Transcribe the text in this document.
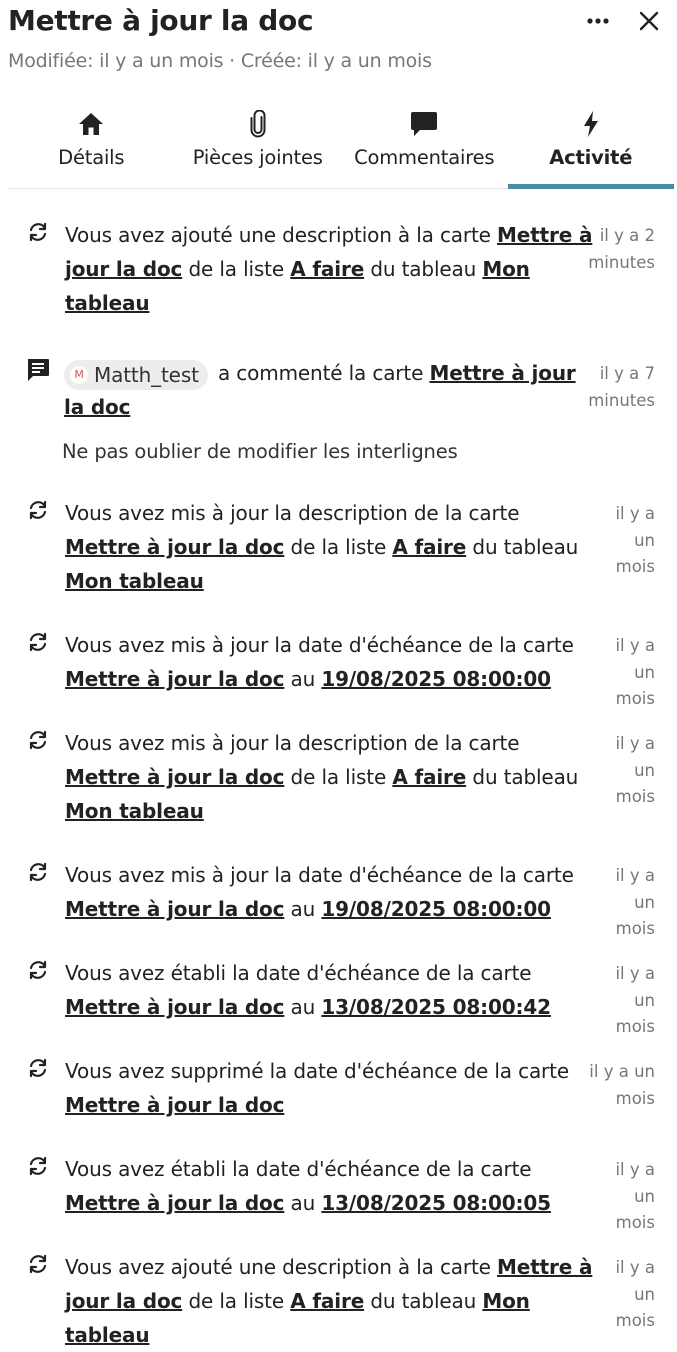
Mettre à jour la doc
Modifiée: il y a un mois · Créée: il y a un mois
Détails	Pièces jointes	Commentaires	Activité
Vous avez ajouté une description à la carte Mettre à jour la doc de la liste A faire du tableau Mon tableau
il y a 2 minutes
M Matth_test a commenté la carte Mettre à jour la doc
il y a 7 minutes
Ne pas oublier de modifier les interlignes
Vous avez mis à jour la description de la carte Mettre à jour la doc de la liste A faire du tableau Mon tableau
il y a un mois
Vous avez mis à jour la date d'échéance de la carte Mettre à jour la doc au 19/08/2025 08:00:00
il y a un mois
Vous avez mis à jour la description de la carte Mettre à jour la doc de la liste A faire du tableau Mon tableau
il y a un mois
Vous avez mis à jour la date d'échéance de la carte Mettre à jour la doc au 19/08/2025 08:00:00
il y a un mois
Vous avez établi la date d'échéance de la carte Mettre à jour la doc au 13/08/2025 08:00:42
il y a un mois
Vous avez supprimé la date d'échéance de la carte Mettre à jour la doc
il y a un mois
Vous avez établi la date d'échéance de la carte Mettre à jour la doc au 13/08/2025 08:00:05
il y a un mois
Vous avez ajouté une description à la carte Mettre à jour la doc de la liste A faire du tableau Mon tableau
il y a un mois
